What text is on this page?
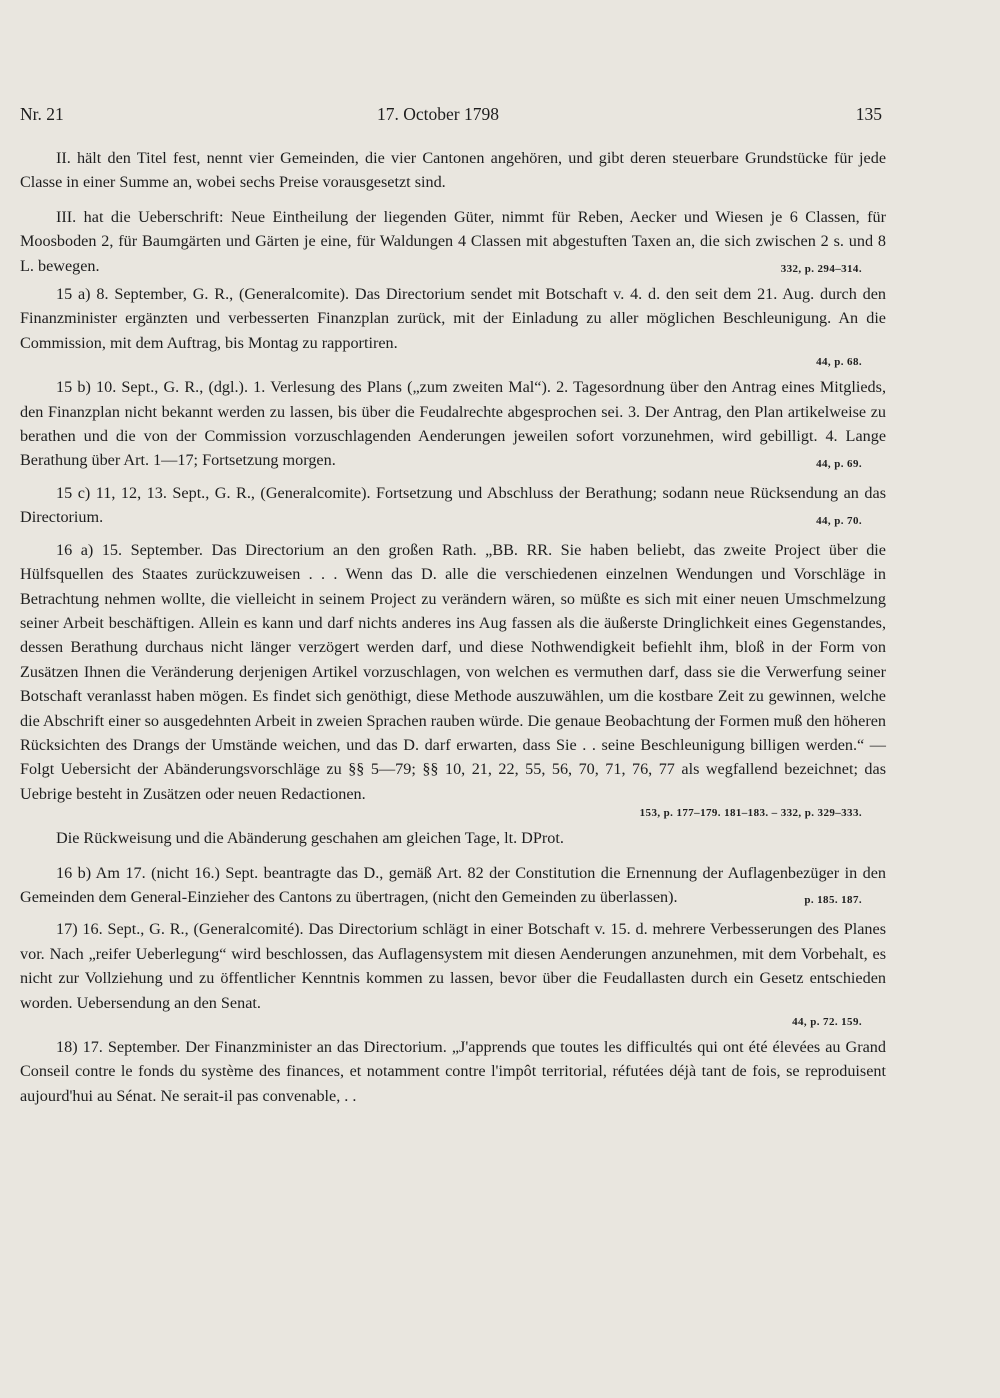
Nr. 21	17. October 1798	135

II. hält den Titel fest, nennt vier Gemeinden, die vier Cantonen angehören, und gibt deren steuerbare Grundstücke für jede Classe in einer Summe an, wobei sechs Preise vorausgesetzt sind.

III. hat die Ueberschrift: Neue Eintheilung der liegenden Güter, nimmt für Reben, Aecker und Wiesen je 6 Classen, für Moosboden 2, für Baumgärten und Gärten je eine, für Waldungen 4 Classen mit abgestuften Taxen an, die sich zwischen 2 s. und 8 L. bewegen.	332, p. 294–314.

15 a) 8. September, G. R., (Generalcomite). Das Directorium sendet mit Botschaft v. 4. d. den seit dem 21. Aug. durch den Finanzminister ergänzten und verbesserten Finanzplan zurück, mit der Einladung zu aller möglichen Beschleunigung. An die Commission, mit dem Auftrag, bis Montag zu rapportiren.

44, p. 68.

15 b) 10. Sept., G. R., (dgl.). 1. Verlesung des Plans („zum zweiten Mal“). 2. Tagesordnung über den Antrag eines Mitglieds, den Finanzplan nicht bekannt werden zu lassen, bis über die Feudalrechte abgesprochen sei. 3. Der Antrag, den Plan artikelweise zu berathen und die von der Commission vorzuschlagenden Aenderungen jeweilen sofort vorzunehmen, wird gebilligt. 4. Lange Berathung über Art. 1—17; Fortsetzung morgen.	44, p. 69.

15 c) 11, 12, 13. Sept., G. R., (Generalcomite). Fortsetzung und Abschluss der Berathung; sodann neue Rücksendung an das Directorium.	44, p. 70.

16 a) 15. September. Das Directorium an den großen Rath. „BB. RR. Sie haben beliebt, das zweite Project über die Hülfsquellen des Staates zurückzuweisen . . . Wenn das D. alle die verschiedenen einzelnen Wendungen und Vorschläge in Betrachtung nehmen wollte, die vielleicht in seinem Project zu verändern wären, so müßte es sich mit einer neuen Umschmelzung seiner Arbeit beschäftigen. Allein es kann und darf nichts anderes ins Aug fassen als die äußerste Dringlichkeit eines Gegenstandes, dessen Berathung durchaus nicht länger verzögert werden darf, und diese Nothwendigkeit befiehlt ihm, bloß in der Form von Zusätzen Ihnen die Veränderung derjenigen Artikel vorzuschlagen, von welchen es vermuthen darf, dass sie die Verwerfung seiner Botschaft veranlasst haben mögen. Es findet sich genöthigt, diese Methode auszuwählen, um die kostbare Zeit zu gewinnen, welche die Abschrift einer so ausgedehnten Arbeit in zweien Sprachen rauben würde. Die genaue Beobachtung der Formen muß den höheren Rücksichten des Drangs der Umstände weichen, und das D. darf erwarten, dass Sie . . seine Beschleunigung billigen werden.“ — Folgt Uebersicht der Abänderungsvorschläge zu §§ 5—79; §§ 10, 21, 22, 55, 56, 70, 71, 76, 77 als wegfallend bezeichnet; das Uebrige besteht in Zusätzen oder neuen Redactionen.

153, p. 177–179. 181–183. – 332, p. 329–333.

Die Rückweisung und die Abänderung geschahen am gleichen Tage, lt. DProt.

16 b) Am 17. (nicht 16.) Sept. beantragte das D., gemäß Art. 82 der Constitution die Ernennung der Auflagenbezüger in den Gemeinden dem General-Einzieher des Cantons zu übertragen, (nicht den Gemeinden zu überlassen).	p. 185. 187.

17) 16. Sept., G. R., (Generalcomité). Das Directorium schlägt in einer Botschaft v. 15. d. mehrere Verbesserungen des Planes vor. Nach „reifer Ueberlegung“ wird beschlossen, das Auflagensystem mit diesen Aenderungen anzunehmen, mit dem Vorbehalt, es nicht zur Vollziehung und zu öffentlicher Kenntnis kommen zu lassen, bevor über die Feudallasten durch ein Gesetz entschieden worden. Uebersendung an den Senat.

44, p. 72. 159.

18) 17. September. Der Finanzminister an das Directorium. „J'apprends que toutes les difficultés qui ont été élevées au Grand Conseil contre le fonds du système des finances, et notamment contre l'impôt territorial, réfutées déjà tant de fois, se reproduisent aujourd'hui au Sénat. Ne serait-il pas convenable, . .
